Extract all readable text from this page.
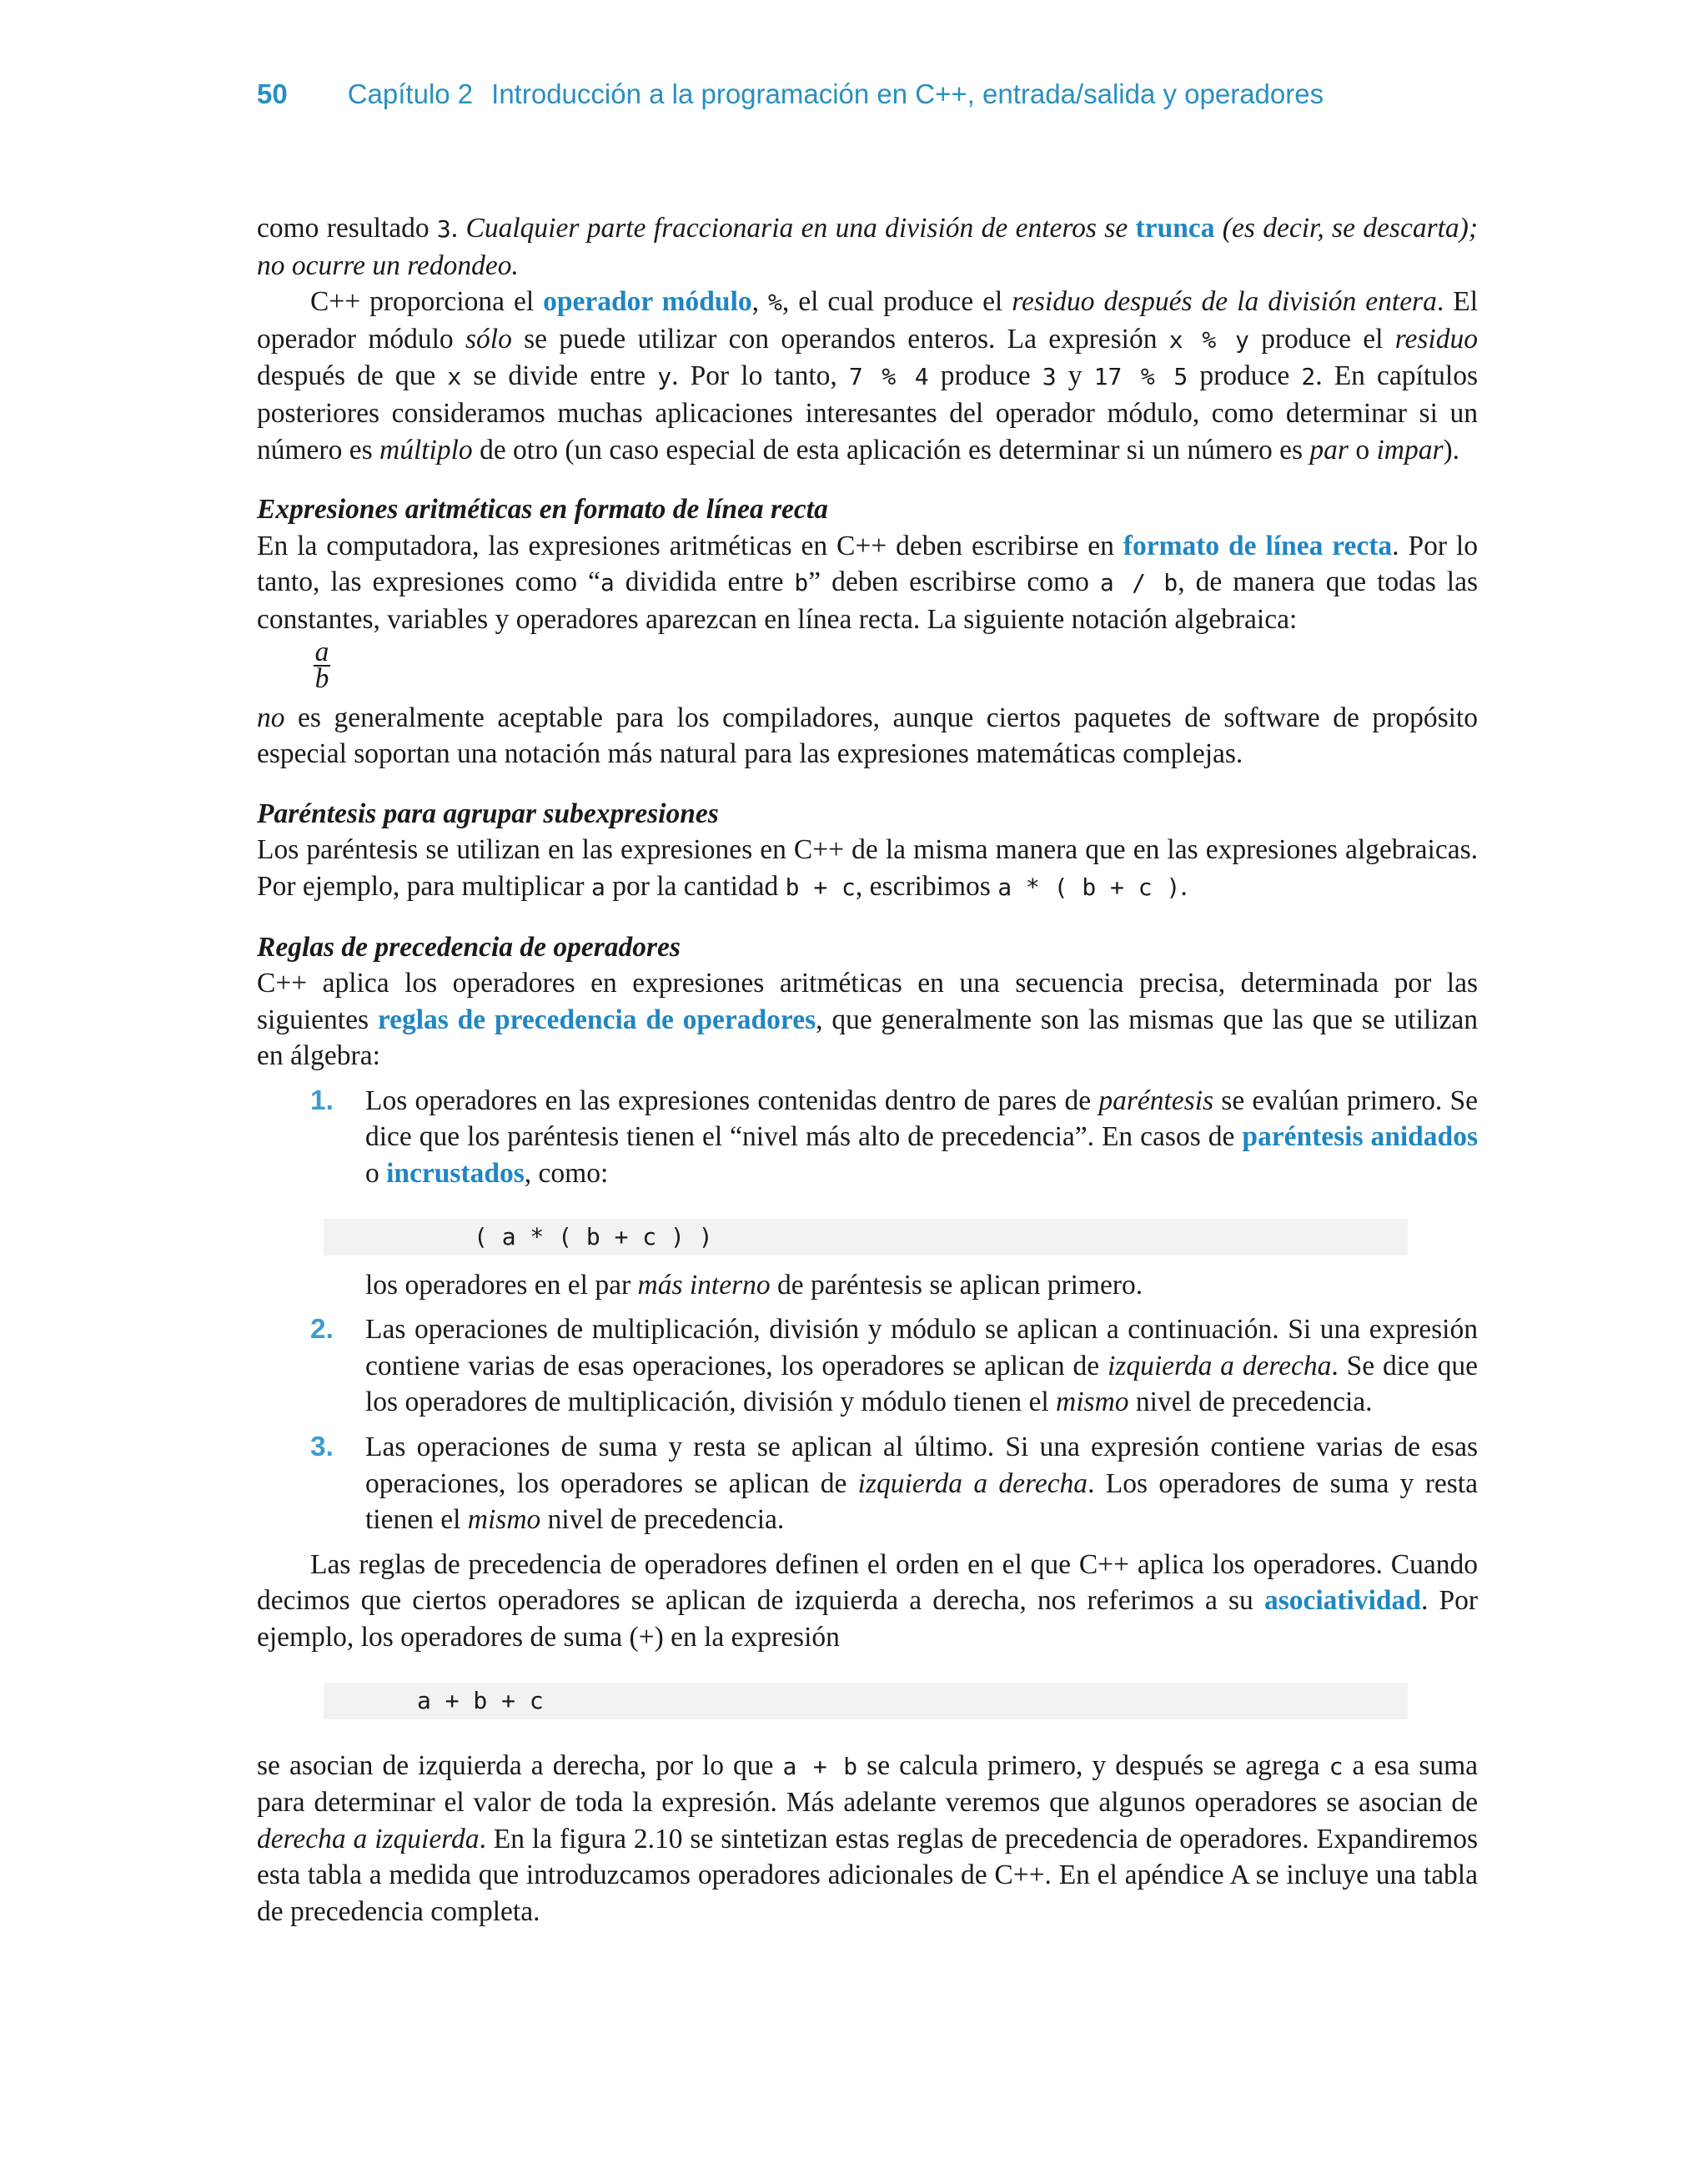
50 Capítulo 2 Introducción a la programación en C++, entrada/salida y operadores

como resultado 3. Cualquier parte fraccionaria en una división de enteros se trunca (es decir, se descarta); no ocurre un redondeo.

C++ proporciona el operador módulo, %, el cual produce el residuo después de la división entera. El operador módulo sólo se puede utilizar con operandos enteros. La expresión x % y produce el residuo después de que x se divide entre y. Por lo tanto, 7 % 4 produce 3 y 17 % 5 produce 2. En capítulos posteriores consideramos muchas aplicaciones interesantes del operador módulo, como determinar si un número es múltiplo de otro (un caso especial de esta aplicación es determinar si un número es par o impar).

Expresiones aritméticas en formato de línea recta

En la computadora, las expresiones aritméticas en C++ deben escribirse en formato de línea recta. Por lo tanto, las expresiones como “a dividida entre b” deben escribirse como a / b, de manera que todas las constantes, variables y operadores aparezcan en línea recta. La siguiente notación algebraica:

a
b

no es generalmente aceptable para los compiladores, aunque ciertos paquetes de software de propósito especial soportan una notación más natural para las expresiones matemáticas complejas.

Paréntesis para agrupar subexpresiones

Los paréntesis se utilizan en las expresiones en C++ de la misma manera que en las expresiones algebraicas. Por ejemplo, para multiplicar a por la cantidad b + c, escribimos a * ( b + c ).

Reglas de precedencia de operadores

C++ aplica los operadores en expresiones aritméticas en una secuencia precisa, determinada por las siguientes reglas de precedencia de operadores, que generalmente son las mismas que las que se utilizan en álgebra:

1. Los operadores en las expresiones contenidas dentro de pares de paréntesis se evalúan primero. Se dice que los paréntesis tienen el “nivel más alto de precedencia”. En casos de paréntesis anidados o incrustados, como:

( a * ( b + c ) )

los operadores en el par más interno de paréntesis se aplican primero.

2. Las operaciones de multiplicación, división y módulo se aplican a continuación. Si una expresión contiene varias de esas operaciones, los operadores se aplican de izquierda a derecha. Se dice que los operadores de multiplicación, división y módulo tienen el mismo nivel de precedencia.

3. Las operaciones de suma y resta se aplican al último. Si una expresión contiene varias de esas operaciones, los operadores se aplican de izquierda a derecha. Los operadores de suma y resta tienen el mismo nivel de precedencia.

Las reglas de precedencia de operadores definen el orden en el que C++ aplica los operadores. Cuando decimos que ciertos operadores se aplican de izquierda a derecha, nos referimos a su asociatividad. Por ejemplo, los operadores de suma (+) en la expresión

a + b + c

se asocian de izquierda a derecha, por lo que a + b se calcula primero, y después se agrega c a esa suma para determinar el valor de toda la expresión. Más adelante veremos que algunos operadores se asocian de derecha a izquierda. En la figura 2.10 se sintetizan estas reglas de precedencia de operadores. Expandiremos esta tabla a medida que introduzcamos operadores adicionales de C++. En el apéndice A se incluye una tabla de precedencia completa.
